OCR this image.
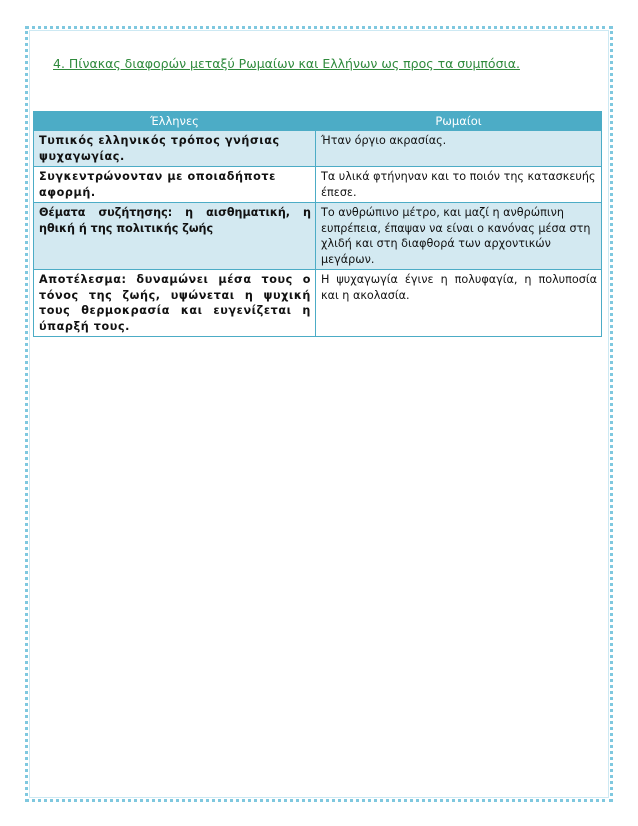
4. Πίνακας διαφορών μεταξύ Ρωμαίων και Ελλήνων ως προς τα συμπόσια.
Έλληνες	Ρωμαίοι
Τυπικός ελληνικός τρόπος γνήσιας ψυχαγωγίας.	Ήταν όργιο ακρασίας.
Συγκεντρώνονταν με οποιαδήποτε αφορμή.	Τα υλικά φτήνηναν και το ποιόν της κατασκευής έπεσε.
Θέματα συζήτησης: η αισθηματική, η ηθική ή της πολιτικής ζωής	Το ανθρώπινο μέτρο, και μαζί η ανθρώπινη ευπρέπεια, έπαψαν να είναι ο κανόνας μέσα στη χλιδή και στη διαφθορά των αρχοντικών μεγάρων.
Αποτέλεσμα: δυναμώνει μέσα τους ο τόνος της ζωής, υψώνεται η ψυχική τους θερμοκρασία και ευγενίζεται η ύπαρξή τους.	Η ψυχαγωγία έγινε η πολυφαγία, η πολυποσία και η ακολασία.
